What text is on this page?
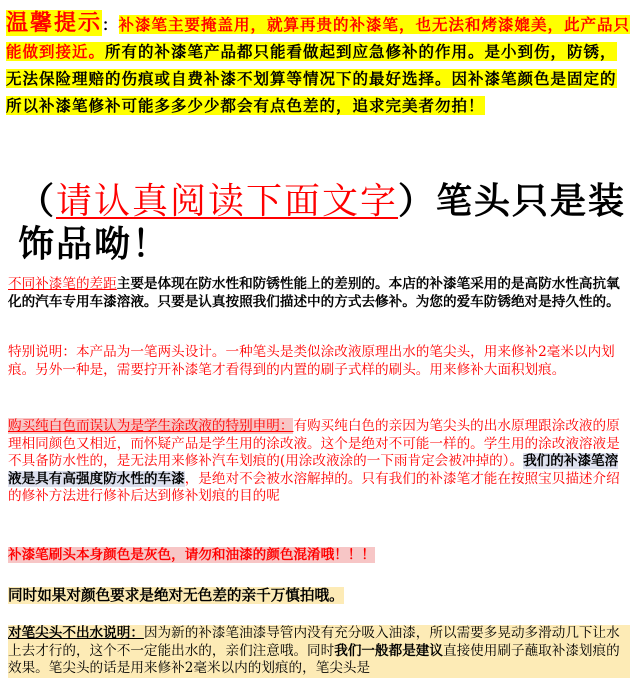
温馨提示：补漆笔主要掩盖用，就算再贵的补漆笔，也无法和烤漆媲美，此产品只能做到接近。所有的补漆笔产品都只能看做起到应急修补的作用。是小到伤，防锈，无法保险理赔的伤痕或自费补漆不划算等情况下的最好选择。因补漆笔颜色是固定的所以补漆笔修补可能多多少少都会有点色差的，追求完美者勿拍！
（请认真阅读下面文字）笔头只是装饰品呦！
不同补漆笔的差距主要是体现在防水性和防锈性能上的差别的。本店的补漆笔采用的是高防水性高抗氧化的汽车专用车漆溶液。只要是认真按照我们描述中的方式去修补。为您的爱车防锈绝对是持久性的。
特别说明：本产品为一笔两头设计。一种笔头是类似涂改液原理出水的笔尖头，用来修补2毫米以内划痕。另外一种是，需要拧开补漆笔才看得到的内置的刷子式样的刷头。用来修补大面积划痕。
购买纯白色而误认为是学生涂改液的特别申明：有购买纯白色的亲因为笔尖头的出水原理跟涂改液的原理相同颜色又相近，而怀疑产品是学生用的涂改液。这个是绝对不可能一样的。学生用的涂改液溶液是不具备防水性的，是无法用来修补汽车划痕的(用涂改液涂的一下雨肯定会被冲掉的）。我们的补漆笔溶液是具有高强度防水性的车漆，是绝对不会被水溶解掉的。只有我们的补漆笔才能在按照宝贝描述介绍的修补方法进行修补后达到修补划痕的目的呢
补漆笔刷头本身颜色是灰色，请勿和油漆的颜色混淆哦！！！
同时如果对颜色要求是绝对无色差的亲千万慎拍哦。
对笔尖头不出水说明：因为新的补漆笔油漆导管内没有充分吸入油漆，所以需要多晃动多滑动几下让水上去才行的，这个不一定能出水的，亲们注意哦。同时我们一般都是建议直接使用刷子蘸取补漆划痕的效果。笔尖头的话是用来修补2毫米以内的划痕的，笔尖头是
